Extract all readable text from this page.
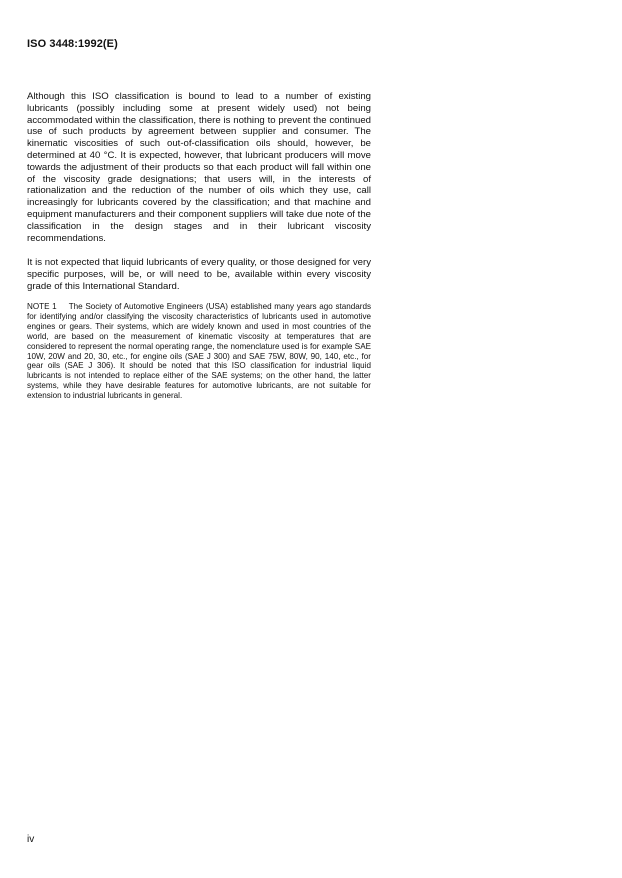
ISO 3448:1992(E)

Although this ISO classification is bound to lead to a number of existing lubricants (possibly including some at present widely used) not being accommodated within the classification, there is nothing to prevent the continued use of such products by agreement between supplier and consumer. The kinematic viscosities of such out-of-classification oils should, however, be determined at 40 °C. It is expected, however, that lubricant producers will move towards the adjustment of their products so that each product will fall within one of the viscosity grade designations; that users will, in the interests of rationalization and the reduction of the number of oils which they use, call increasingly for lubricants covered by the classification; and that machine and equipment manufacturers and their component suppliers will take due note of the classification in the design stages and in their lubricant viscosity recommendations.

It is not expected that liquid lubricants of every quality, or those designed for very specific purposes, will be, or will need to be, available within every viscosity grade of this International Standard.

NOTE 1 The Society of Automotive Engineers (USA) established many years ago standards for identifying and/or classifying the viscosity characteristics of lubricants used in automotive engines or gears. Their systems, which are widely known and used in most countries of the world, are based on the measurement of kinematic viscosity at temperatures that are considered to represent the normal operating range, the nomenclature used is for example SAE 10W, 20W and 20, 30, etc., for engine oils (SAE J 300) and SAE 75W, 80W, 90, 140, etc., for gear oils (SAE J 306). It should be noted that this ISO classification for industrial liquid lubricants is not intended to replace either of the SAE systems; on the other hand, the latter systems, while they have desirable features for automotive lubricants, are not suitable for extension to industrial lubricants in general.

iv
